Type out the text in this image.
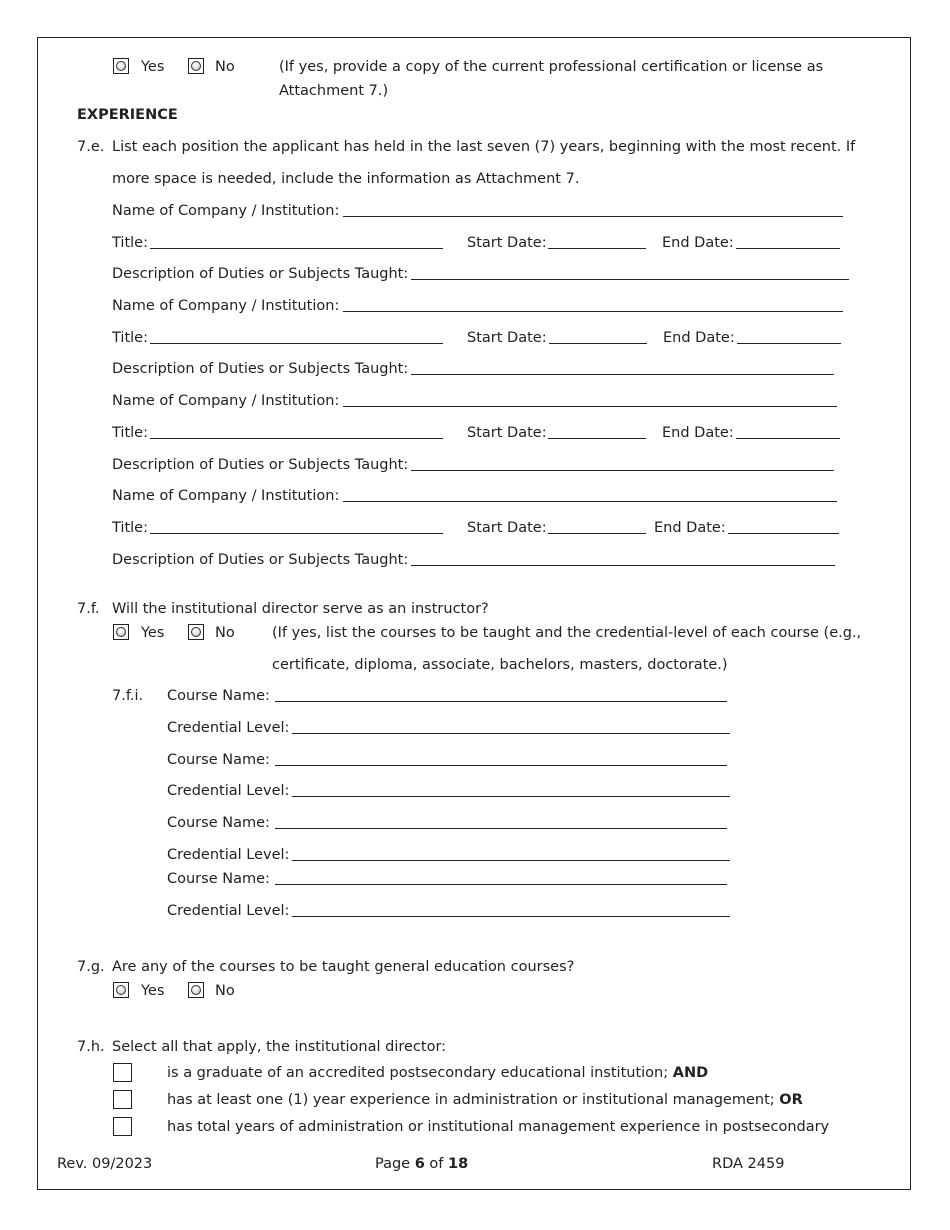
Yes	No	(If yes, provide a copy of the current professional certification or license as
Attachment 7.)
EXPERIENCE
7.e. List each position the applicant has held in the last seven (7) years, beginning with the most recent. If
more space is needed, include the information as Attachment 7.
Name of Company / Institution:
Title:	Start Date:	End Date:
Description of Duties or Subjects Taught:
Name of Company / Institution:
Title:	Start Date:	End Date:
Description of Duties or Subjects Taught:
Name of Company / Institution:
Title:	Start Date:	End Date:
Description of Duties or Subjects Taught:
Name of Company / Institution:
Title:	Start Date:	End Date:
Description of Duties or Subjects Taught:
7.f. Will the institutional director serve as an instructor?
Yes	No	(If yes, list the courses to be taught and the credential-level of each course (e.g.,
certificate, diploma, associate, bachelors, masters, doctorate.)
7.f.i. Course Name:
Credential Level:
Course Name:
Credential Level:
Course Name:
Credential Level:
Course Name:
Credential Level:
7.g. Are any of the courses to be taught general education courses?
Yes	No
7.h. Select all that apply, the institutional director:
is a graduate of an accredited postsecondary educational institution; AND
has at least one (1) year experience in administration or institutional management; OR
has total years of administration or institutional management experience in postsecondary
Rev. 09/2023	Page 6 of 18	RDA 2459
